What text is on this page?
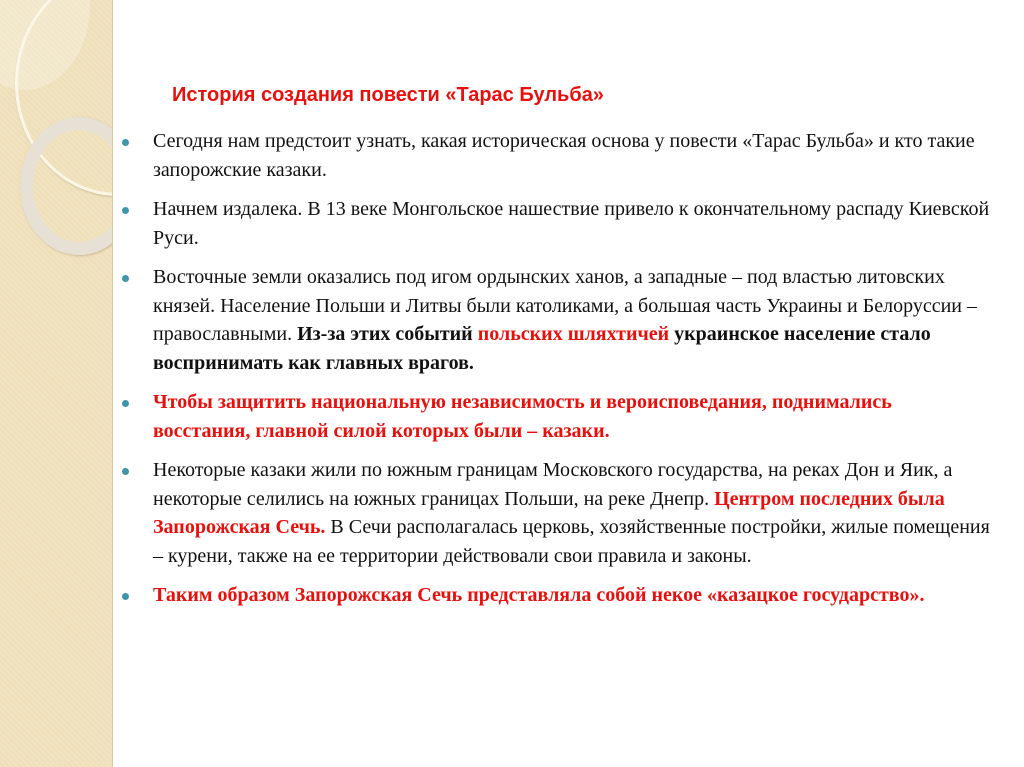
История создания повести «Тарас Бульба»
Сегодня нам предстоит узнать, какая историческая основа у повести «Тарас Бульба» и кто такие запорожские казаки.
Начнем издалека. В 13 веке Монгольское нашествие привело к окончательному распаду Киевской Руси.
Восточные земли оказались под игом ордынских ханов, а западные – под властью литовских князей. Население Польши и Литвы были католиками, а большая часть Украины и Белоруссии – православными. Из-за этих событий польских шляхтичей украинское население стало воспринимать как главных врагов.
Чтобы защитить национальную независимость и вероисповедания, поднимались восстания, главной силой которых были – казаки.
Некоторые казаки жили по южным границам Московского государства, на реках Дон и Яик, а некоторые селились на южных границах Польши, на реке Днепр. Центром последних была Запорожская Сечь. В Сечи располагалась церковь, хозяйственные постройки, жилые помещения – курени, также на ее территории действовали свои правила и законы.
Таким образом Запорожская Сечь представляла собой некое «казацкое государство».
